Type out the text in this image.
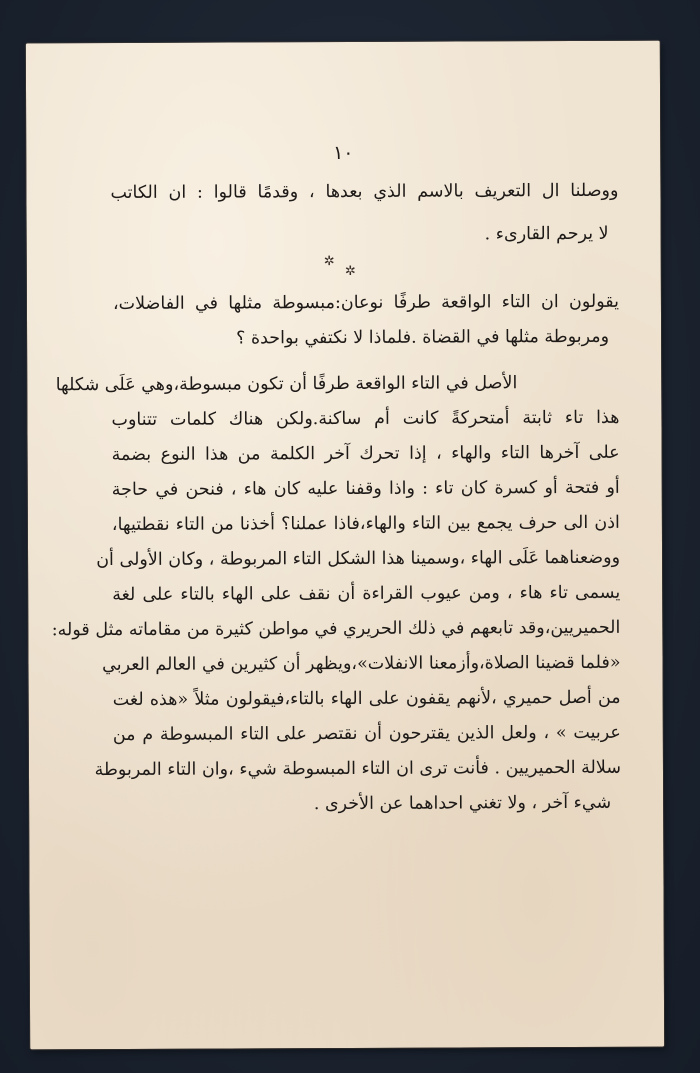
١٠
ووصلنا ال التعريف بالاسم الذي بعدها ، وقدمًا قالوا : ان الكاتب
لا يرحم القارىء .
✲
✲
يقولون ان التاء الواقعة طرفًا نوعان:مبسوطة مثلها في الفاضلات،
ومربوطة مثلها في القضاة .فلماذا لا نكتفي بواحدة ؟
الأصل في التاء الواقعة طرفًا أن تكون مبسوطة،وهي عَلَى شكلها
هذا تاء ثابتة أمتحركةً كانت أم ساكنة.ولكن هناك كلمات تتناوب
على آخرها التاء والهاء ، إذا تحرك آخر الكلمة من هذا النوع بضمة
أو فتحة أو كسرة كان تاء : واذا وقفنا عليه كان هاء ، فنحن في حاجة
اذن الى حرف يجمع بين التاء والهاء،فاذا عملنا؟ أخذنا من التاء نقطتيها،
ووضعناهما عَلَى الهاء ،وسمينا هذا الشكل التاء المربوطة ، وكان الأولى أن
يسمى تاء هاء ، ومن عيوب القراءة أن نقف على الهاء بالتاء على لغة
الحميريين،وقد تابعهم في ذلك الحريري في مواطن كثيرة من مقاماته مثل قوله:
«فلما قضينا الصلاة،وأزمعنا الانفلات»،ويظهر أن كثيرين في العالم العربي
من أصل حميري ،لأنهم يقفون على الهاء بالتاء،فيقولون مثلاً «هذه لغت
عربيت » ، ولعل الذين يقترحون أن نقتصر على التاء المبسوطة م من
سلالة الحميريين . فأنت ترى ان التاء المبسوطة شيء ،وان التاء المربوطة
شيء آخر ، ولا تغني احداهما عن الأخرى .
